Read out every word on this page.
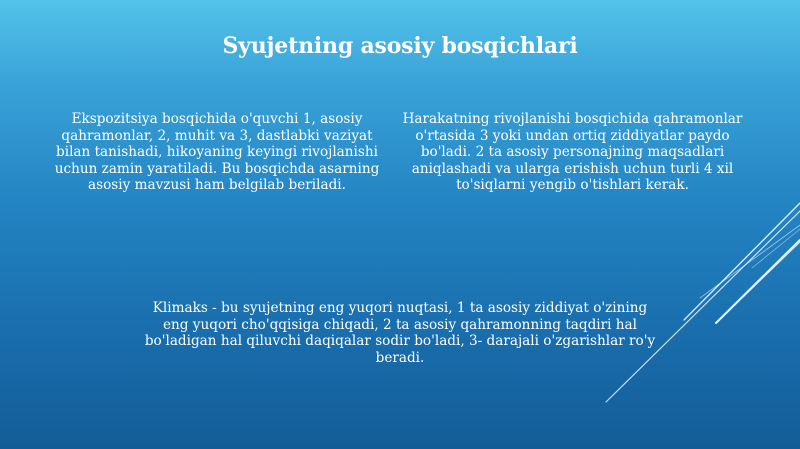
Syujetning asosiy bosqichlari

Ekspozitsiya bosqichida o'quvchi 1, asosiy qahramonlar, 2, muhit va 3, dastlabki vaziyat bilan tanishadi, hikoyaning keyingi rivojlanishi uchun zamin yaratiladi. Bu bosqichda asarning asosiy mavzusi ham belgilab beriladi.

Harakatning rivojlanishi bosqichida qahramonlar o'rtasida 3 yoki undan ortiq ziddiyatlar paydo bo'ladi. 2 ta asosiy personajning maqsadlari aniqlashadi va ularga erishish uchun turli 4 xil to'siqlarni yengib o'tishlari kerak.

Klimaks - bu syujetning eng yuqori nuqtasi, 1 ta asosiy ziddiyat o'zining eng yuqori cho'qqisiga chiqadi, 2 ta asosiy qahramonning taqdiri hal bo'ladigan hal qiluvchi daqiqalar sodir bo'ladi, 3- darajali o'zgarishlar ro'y beradi.
